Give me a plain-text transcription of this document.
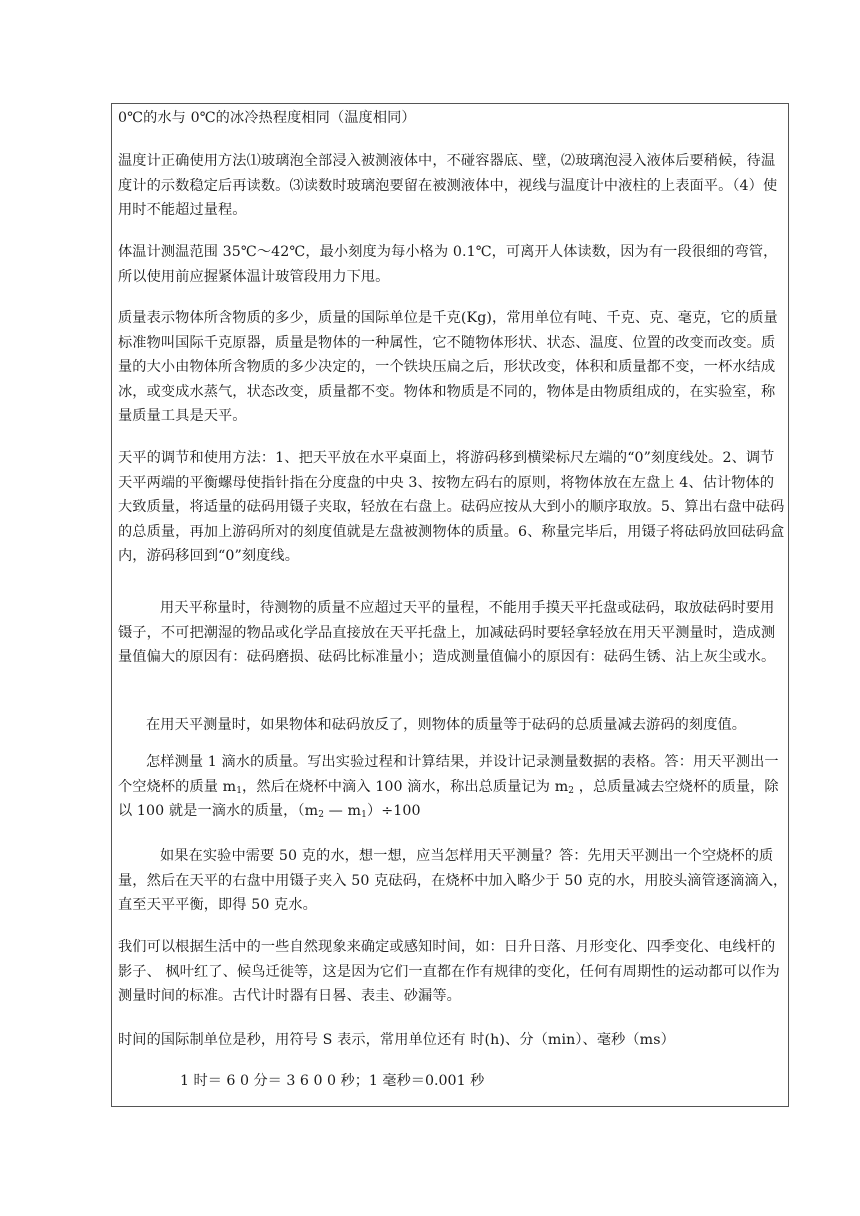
0℃的水与 0℃的冰冷热程度相同（温度相同）

温度计正确使用方法⑴玻璃泡全部浸入被测液体中，不碰容器底、壁，⑵玻璃泡浸入液体后要稍候，待温度计的示数稳定后再读数。⑶读数时玻璃泡要留在被测液体中，视线与温度计中液柱的上表面平。（4）使用时不能超过量程。

体温计测温范围 35℃～42℃，最小刻度为每小格为 0.1℃，可离开人体读数，因为有一段很细的弯管，所以使用前应握紧体温计玻管段用力下甩。

质量表示物体所含物质的多少，质量的国际单位是千克(Kg)，常用单位有吨、千克、克、毫克，它的质量标准物叫国际千克原器，质量是物体的一种属性，它不随物体形状、状态、温度、位置的改变而改变。质量的大小由物体所含物质的多少决定的，一个铁块压扁之后，形状改变，体积和质量都不变，一杯水结成冰，或变成水蒸气，状态改变，质量都不变。物体和物质是不同的，物体是由物质组成的，在实验室，称量质量工具是天平。

天平的调节和使用方法：1、把天平放在水平桌面上，将游码移到横梁标尺左端的“0”刻度线处。2、调节天平两端的平衡螺母使指针指在分度盘的中央 3、按物左码右的原则，将物体放在左盘上 4、估计物体的大致质量，将适量的砝码用镊子夹取，轻放在右盘上。砝码应按从大到小的顺序取放。5、算出右盘中砝码的总质量，再加上游码所对的刻度值就是左盘被测物体的质量。6、称量完毕后，用镊子将砝码放回砝码盒内，游码移回到“0”刻度线。

用天平称量时，待测物的质量不应超过天平的量程，不能用手摸天平托盘或砝码，取放砝码时要用镊子，不可把潮湿的物品或化学品直接放在天平托盘上，加减砝码时要轻拿轻放在用天平测量时，造成测量值偏大的原因有：砝码磨损、砝码比标准量小；造成测量值偏小的原因有：砝码生锈、沾上灰尘或水。

在用天平测量时，如果物体和砝码放反了，则物体的质量等于砝码的总质量减去游码的刻度值。

怎样测量 1 滴水的质量。写出实验过程和计算结果，并设计记录测量数据的表格。答：用天平测出一个空烧杯的质量 $m_1$，然后在烧杯中滴入 100 滴水，称出总质量记为 $m_2$ ，总质量减去空烧杯的质量，除以 100 就是一滴水的质量，（$m_2$ — $m_1)\div 100$

如果在实验中需要 50 克的水，想一想，应当怎样用天平测量？答：先用天平测出一个空烧杯的质量，然后在天平的右盘中用镊子夹入 50 克砝码，在烧杯中加入略少于 50 克的水，用胶头滴管逐滴滴入，直至天平平衡，即得 50 克水。

我们可以根据生活中的一些自然现象来确定或感知时间，如：日升日落、月形变化、四季变化、电线杆的影子、 枫叶红了、候鸟迁徙等，这是因为它们一直都在作有规律的变化，任何有周期性的运动都可以作为测量时间的标准。古代计时器有日晷、表圭、砂漏等。

时间的国际制单位是秒，用符号 S 表示，常用单位还有 时(h)、分（min）、毫秒（ms）

1 时＝ 6 0 分＝ 3 6 0 0 秒；1 毫秒＝0.001 秒
